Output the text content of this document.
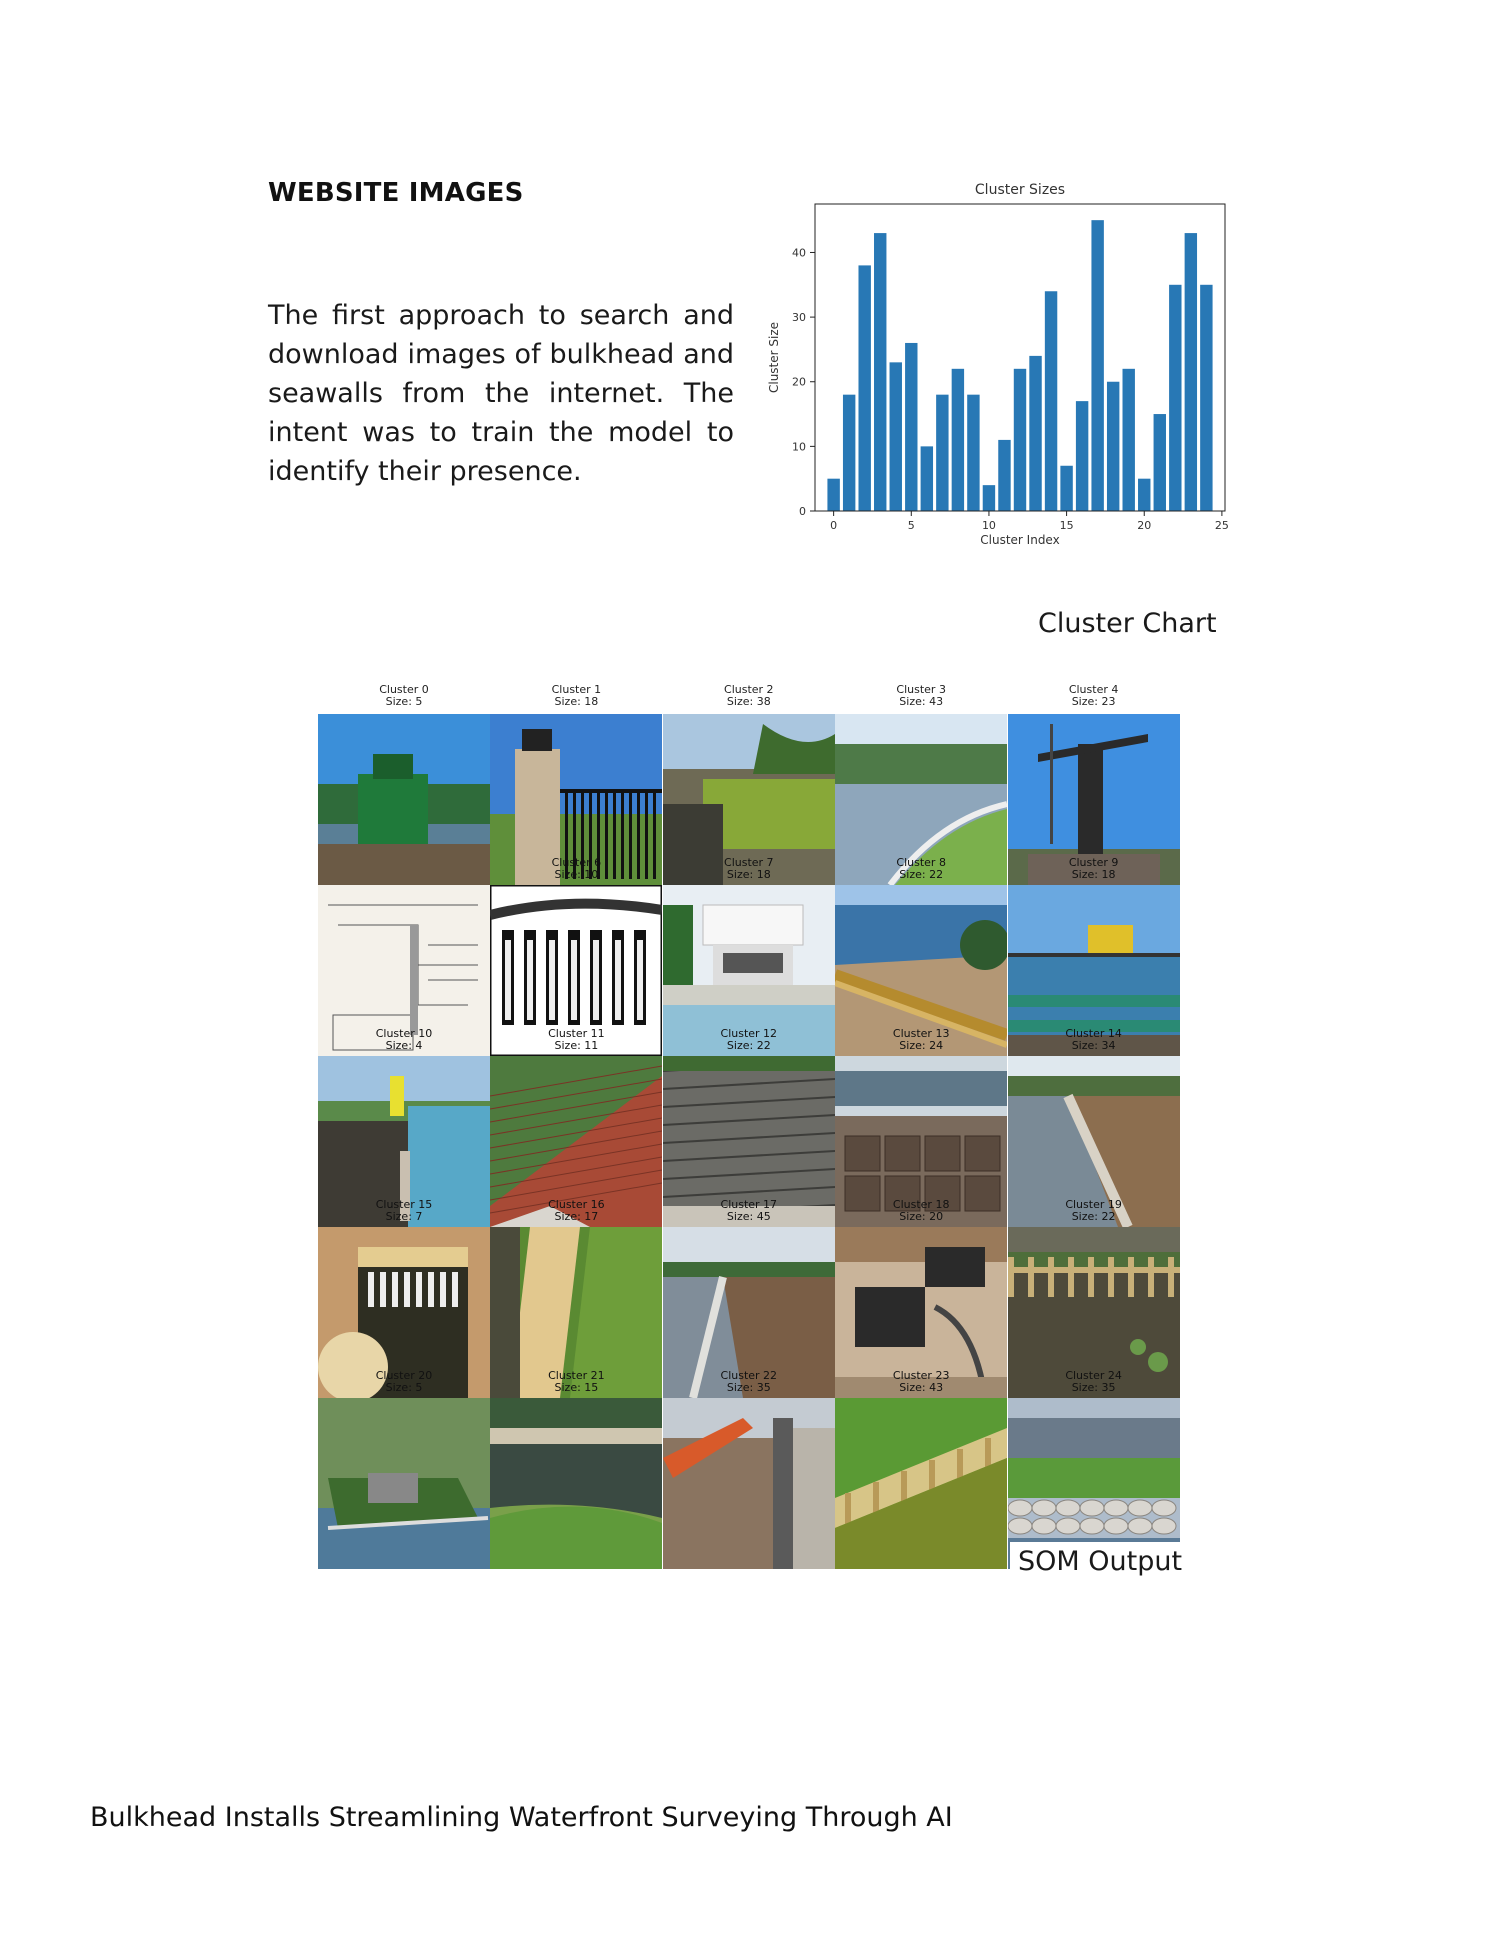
WEBSITE IMAGES
The first approach to search and download images of bulkhead and seawalls from the internet. The intent was to train the model to identify their presence.
Cluster Sizes
0
10
20
30
40
0	5	10	15	20	25
Cluster Index
Cluster Size
Cluster Chart
Cluster 0
Size: 5
Cluster 1
Size: 18
Cluster 2
Size: 38
Cluster 3
Size: 43
Cluster 4
Size: 23
Cluster 6
Size: 10
Cluster 7
Size: 18
Cluster 8
Size: 22
Cluster 9
Size: 18
Cluster 10
Size: 4
Cluster 11
Size: 11
Cluster 12
Size: 22
Cluster 13
Size: 24
Cluster 14
Size: 34
Cluster 15
Size: 7
Cluster 16
Size: 17
Cluster 17
Size: 45
Cluster 18
Size: 20
Cluster 19
Size: 22
Cluster 20
Size: 5
Cluster 21
Size: 15
Cluster 22
Size: 35
Cluster 23
Size: 43
Cluster 24
Size: 35
SOM Output
Bulkhead Installs Streamlining Waterfront Surveying Through AI
